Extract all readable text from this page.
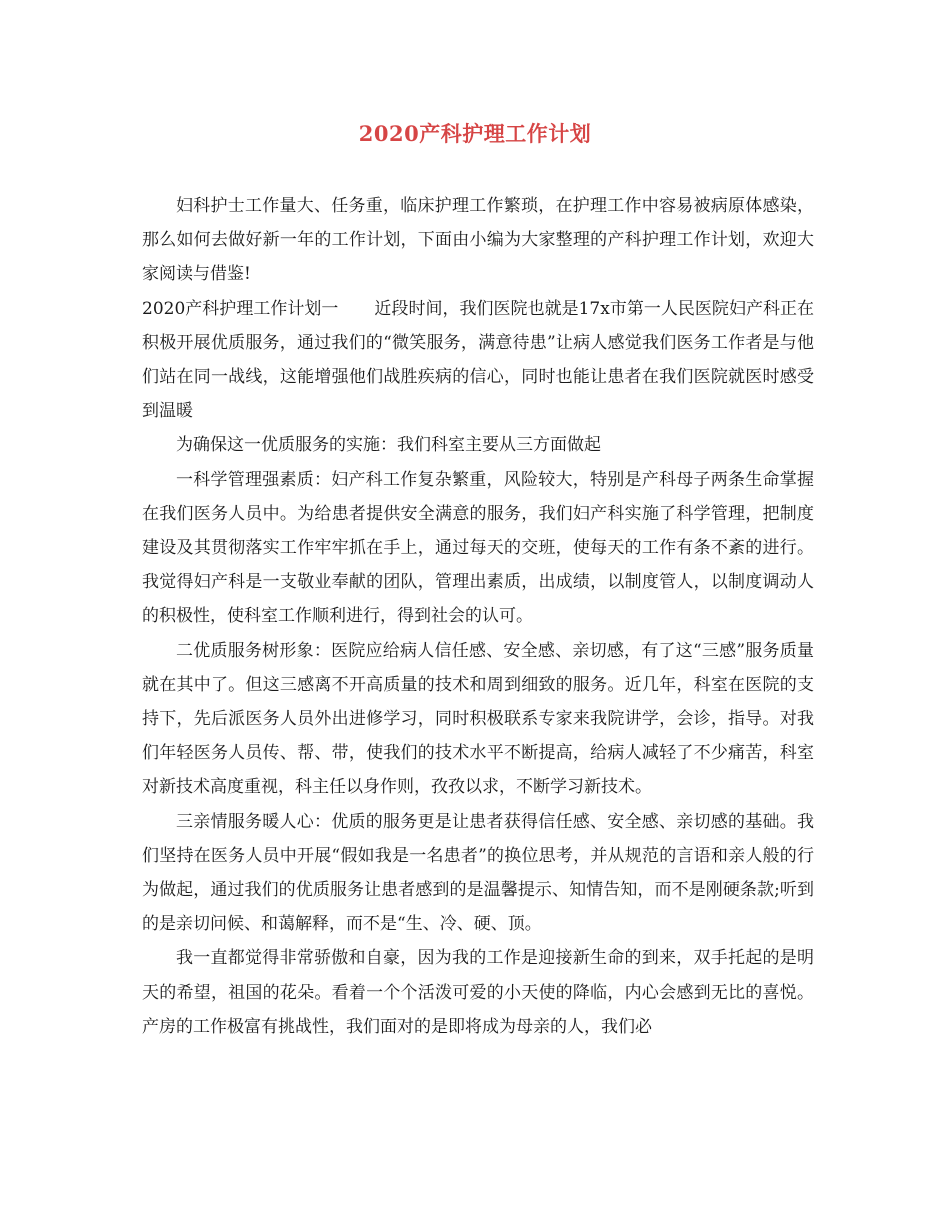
2020产科护理工作计划

妇科护士工作量大、任务重，临床护理工作繁琐，在护理工作中容易被病原体感染，那么如何去做好新一年的工作计划，下面由小编为大家整理的产科护理工作计划，欢迎大家阅读与借鉴!

2020产科护理工作计划一 近段时间，我们医院也就是17x市第一人民医院妇产科正在积极开展优质服务，通过我们的“微笑服务，满意待患”让病人感觉我们医务工作者是与他们站在同一战线，这能增强他们战胜疾病的信心，同时也能让患者在我们医院就医时感受到温暖

为确保这一优质服务的实施：我们科室主要从三方面做起

一科学管理强素质：妇产科工作复杂繁重，风险较大，特别是产科母子两条生命掌握在我们医务人员中。为给患者提供安全满意的服务，我们妇产科实施了科学管理，把制度建设及其贯彻落实工作牢牢抓在手上，通过每天的交班，使每天的工作有条不紊的进行。我觉得妇产科是一支敬业奉献的团队，管理出素质，出成绩，以制度管人，以制度调动人的积极性，使科室工作顺利进行，得到社会的认可。

二优质服务树形象：医院应给病人信任感、安全感、亲切感，有了这“三感”服务质量就在其中了。但这三感离不开高质量的技术和周到细致的服务。近几年，科室在医院的支持下，先后派医务人员外出进修学习，同时积极联系专家来我院讲学，会诊，指导。对我们年轻医务人员传、帮、带，使我们的技术水平不断提高，给病人减轻了不少痛苦，科室对新技术高度重视，科主任以身作则，孜孜以求，不断学习新技术。

三亲情服务暖人心：优质的服务更是让患者获得信任感、安全感、亲切感的基础。我们坚持在医务人员中开展“假如我是一名患者”的换位思考，并从规范的言语和亲人般的行为做起，通过我们的优质服务让患者感到的是温馨提示、知情告知，而不是刚硬条款;听到的是亲切问候、和蔼解释，而不是“生、冷、硬、顶。

我一直都觉得非常骄傲和自豪，因为我的工作是迎接新生命的到来，双手托起的是明天的希望，祖国的花朵。看着一个个活泼可爱的小天使的降临，内心会感到无比的喜悦。产房的工作极富有挑战性，我们面对的是即将成为母亲的人，我们必
